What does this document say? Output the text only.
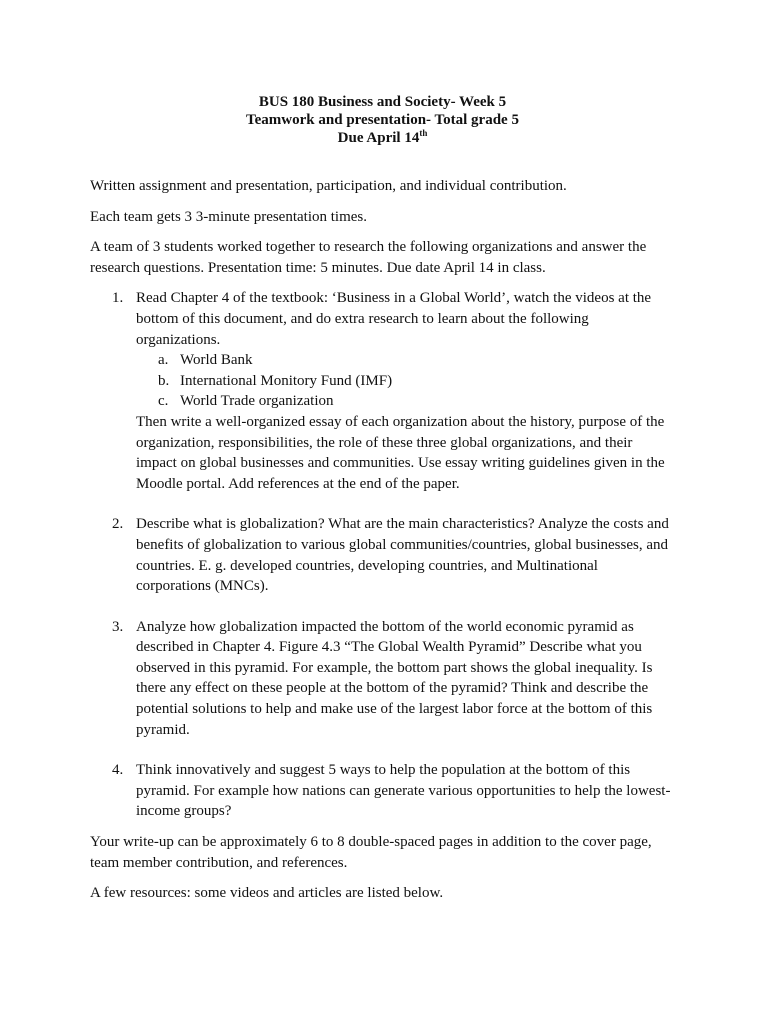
BUS 180 Business and Society- Week 5
Teamwork and presentation- Total grade 5
Due April 14th

Written assignment and presentation, participation, and individual contribution.

Each team gets 3 3-minute presentation times.

A team of 3 students worked together to research the following organizations and answer the research questions. Presentation time: 5 minutes. Due date April 14 in class.

1. Read Chapter 4 of the textbook: ‘Business in a Global World’, watch the videos at the bottom of this document, and do extra research to learn about the following organizations.
a. World Bank
b. International Monitory Fund (IMF)
c. World Trade organization
Then write a well-organized essay of each organization about the history, purpose of the organization, responsibilities, the role of these three global organizations, and their impact on global businesses and communities. Use essay writing guidelines given in the Moodle portal. Add references at the end of the paper.
2. Describe what is globalization? What are the main characteristics? Analyze the costs and benefits of globalization to various global communities/countries, global businesses, and countries. E. g. developed countries, developing countries, and Multinational corporations (MNCs).
3. Analyze how globalization impacted the bottom of the world economic pyramid as described in Chapter 4. Figure 4.3 “The Global Wealth Pyramid” Describe what you observed in this pyramid. For example, the bottom part shows the global inequality. Is there any effect on these people at the bottom of the pyramid? Think and describe the potential solutions to help and make use of the largest labor force at the bottom of this pyramid.
4. Think innovatively and suggest 5 ways to help the population at the bottom of this pyramid. For example how nations can generate various opportunities to help the lowest-income groups?

Your write-up can be approximately 6 to 8 double-spaced pages in addition to the cover page, team member contribution, and references.

A few resources: some videos and articles are listed below.
